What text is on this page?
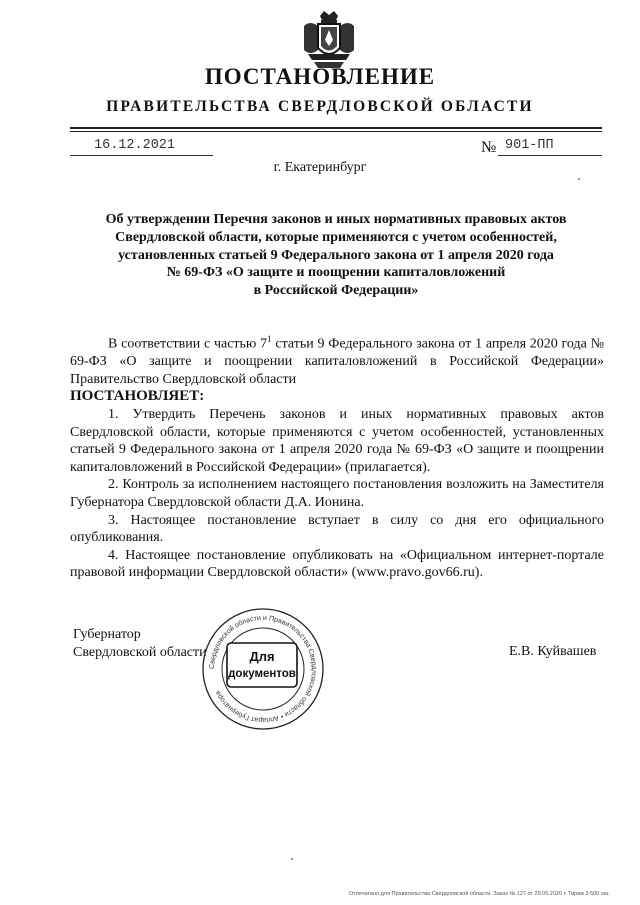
ПОСТАНОВЛЕНИЕ
ПРАВИТЕЛЬСТВА СВЕРДЛОВСКОЙ ОБЛАСТИ
16.12.2021	№ 901-ПП
г. Екатеринбург
Об утверждении Перечня законов и иных нормативных правовых актов
Свердловской области, которые применяются с учетом особенностей,
установленных статьей 9 Федерального закона от 1 апреля 2020 года
№ 69-ФЗ «О защите и поощрении капиталовложений
в Российской Федерации»

В соответствии с частью $7^1$ статьи 9 Федерального закона от 1 апреля 2020 года № 69-ФЗ «О защите и поощрении капиталовложений в Российской Федерации» Правительство Свердловской области

ПОСТАНОВЛЯЕТ:

1. Утвердить Перечень законов и иных нормативных правовых актов Свердловской области, которые применяются с учетом особенностей, установленных статьей 9 Федерального закона от 1 апреля 2020 года № 69-ФЗ «О защите и поощрении капиталовложений в Российской Федерации» (прилагается).

2. Контроль за исполнением настоящего постановления возложить на Заместителя Губернатора Свердловской области Д.А. Ионина.

3. Настоящее постановление вступает в силу со дня его официального опубликования.

4. Настоящее постановление опубликовать на «Официальном интернет-портале правовой информации Свердловской области» (www.pravo.gov66.ru).

Губернатор
Свердловской области
Свердловской области и Правительства Свердловской области • Аппарат Губернатора
Для
документов
Е.В. Куйвашев
Отпечатано для Правительства Свердловской области. Заказ № 127 от 29.05.2020 г. Тираж 3 500 экз.
